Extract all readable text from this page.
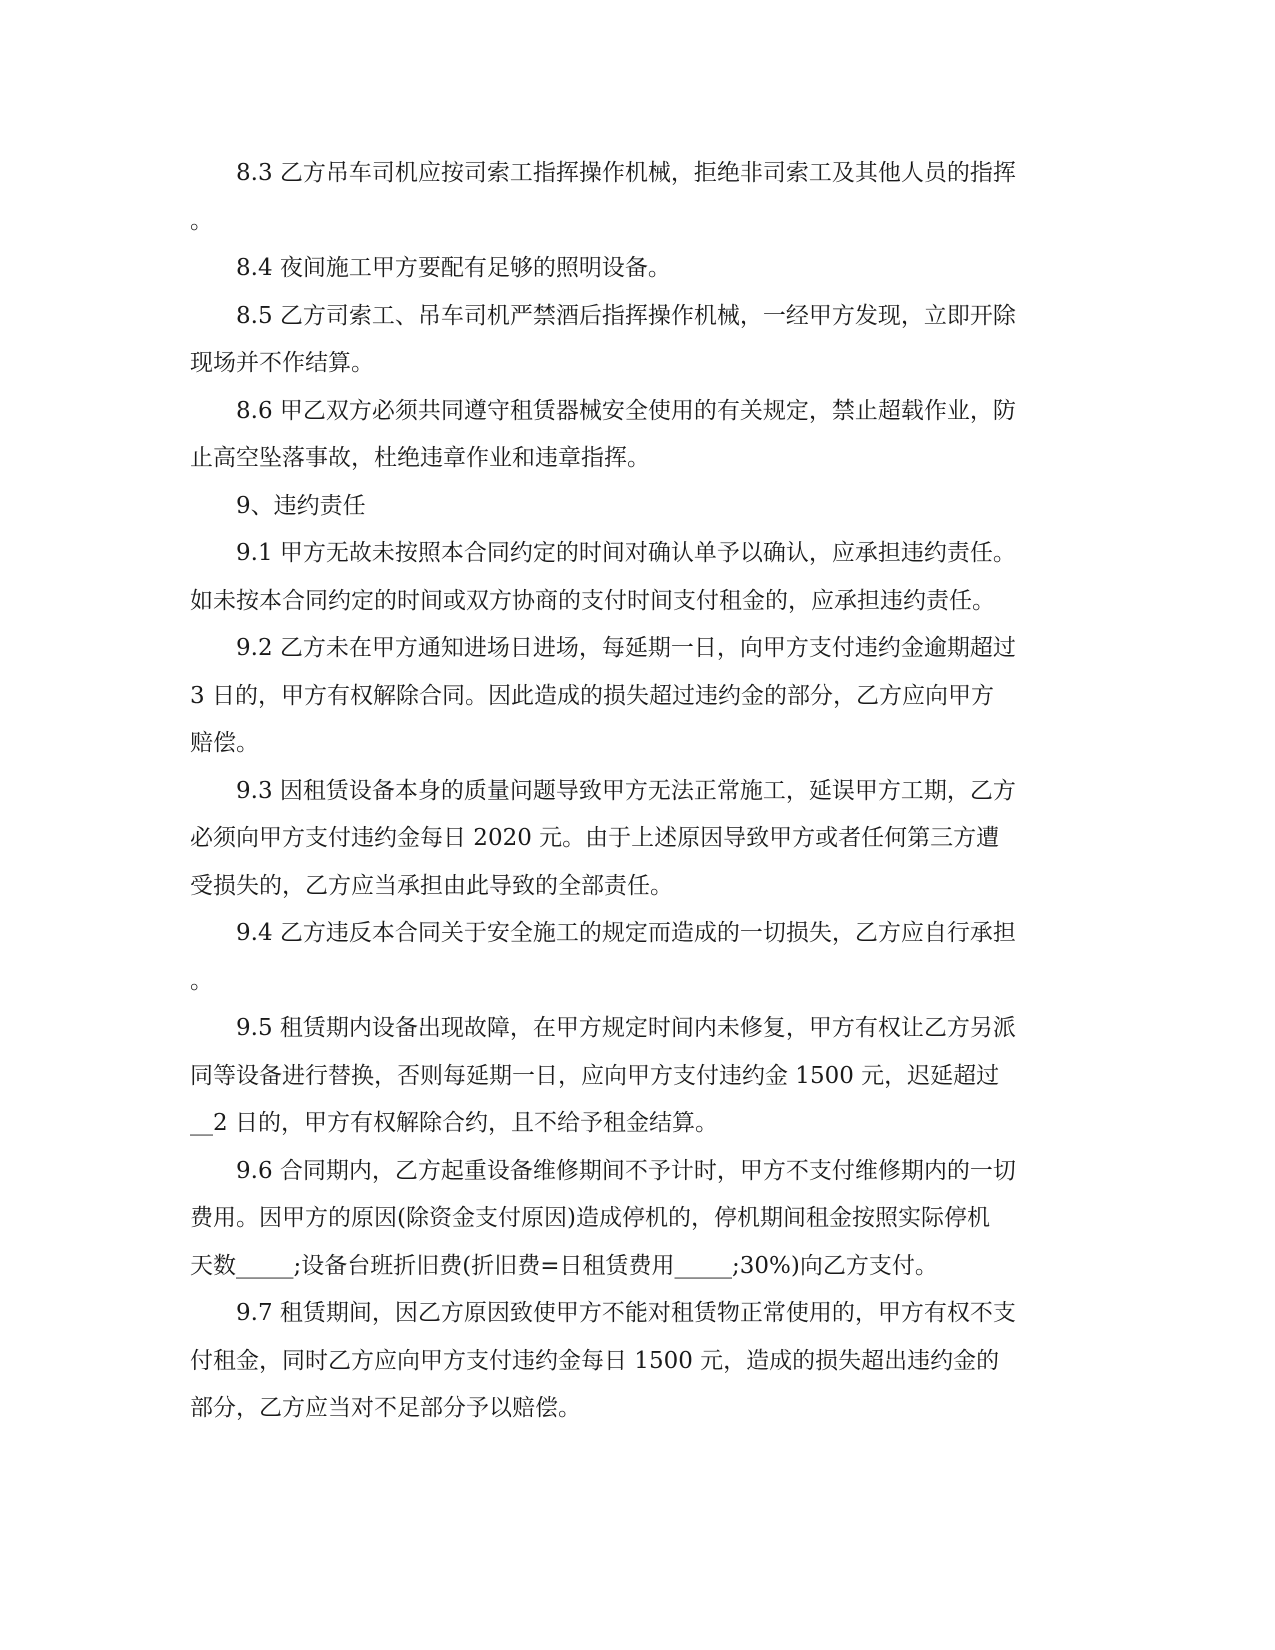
8.3 乙方吊车司机应按司索工指挥操作机械，拒绝非司索工及其他人员的指挥
。

8.4 夜间施工甲方要配有足够的照明设备。

8.5 乙方司索工、吊车司机严禁酒后指挥操作机械，一经甲方发现，立即开除
现场并不作结算。

8.6 甲乙双方必须共同遵守租赁器械安全使用的有关规定，禁止超载作业，防
止高空坠落事故，杜绝违章作业和违章指挥。

9、违约责任

9.1 甲方无故未按照本合同约定的时间对确认单予以确认，应承担违约责任。
如未按本合同约定的时间或双方协商的支付时间支付租金的，应承担违约责任。

9.2 乙方未在甲方通知进场日进场，每延期一日，向甲方支付违约金逾期超过
3 日的，甲方有权解除合同。因此造成的损失超过违约金的部分，乙方应向甲方
赔偿。

9.3 因租赁设备本身的质量问题导致甲方无法正常施工，延误甲方工期，乙方
必须向甲方支付违约金每日 2020 元。由于上述原因导致甲方或者任何第三方遭
受损失的，乙方应当承担由此导致的全部责任。

9.4 乙方违反本合同关于安全施工的规定而造成的一切损失，乙方应自行承担
。

9.5 租赁期内设备出现故障，在甲方规定时间内未修复，甲方有权让乙方另派
同等设备进行替换，否则每延期一日，应向甲方支付违约金 1500 元，迟延超过
__2 日的，甲方有权解除合约，且不给予租金结算。

9.6 合同期内，乙方起重设备维修期间不予计时，甲方不支付维修期内的一切
费用。因甲方的原因(除资金支付原因)造成停机的，停机期间租金按照实际停机
天数_____;设备台班折旧费(折旧费=日租赁费用_____;30%)向乙方支付。

9.7 租赁期间，因乙方原因致使甲方不能对租赁物正常使用的，甲方有权不支
付租金，同时乙方应向甲方支付违约金每日 1500 元，造成的损失超出违约金的
部分，乙方应当对不足部分予以赔偿。
